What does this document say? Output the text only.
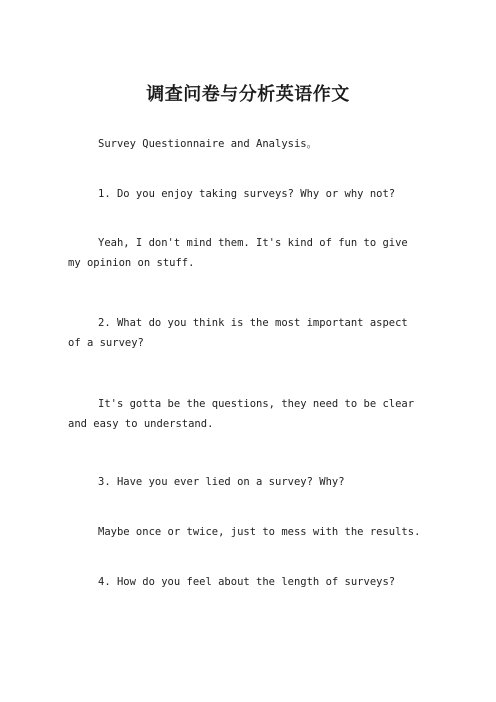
调查问卷与分析英语作文

Survey Questionnaire and Analysis。

1. Do you enjoy taking surveys? Why or why not?

Yeah, I don't mind them. It's kind of fun to give my opinion on stuff.

2. What do you think is the most important aspect of a survey?

It's gotta be the questions, they need to be clear and easy to understand.

3. Have you ever lied on a survey? Why?

Maybe once or twice, just to mess with the results.

4. How do you feel about the length of surveys?
